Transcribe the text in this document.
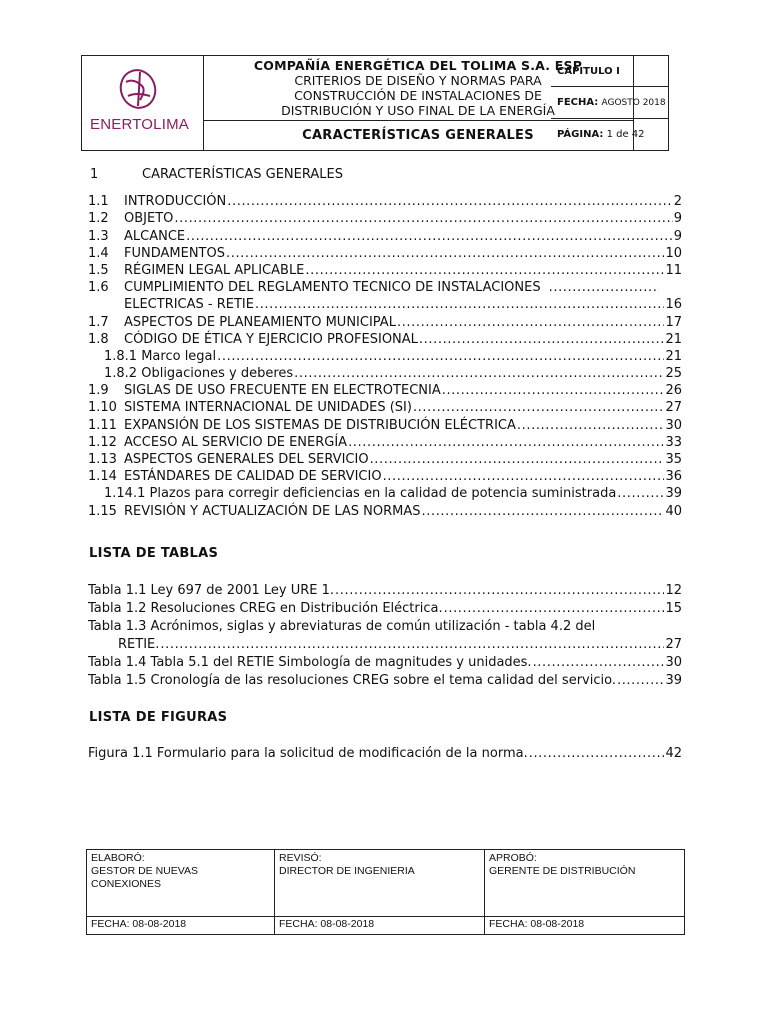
ENERTOLIMA
COMPAÑÍA ENERGÉTICA DEL TOLIMA S.A. ESP
CRITERIOS DE DISEÑO Y NORMAS PARA
CONSTRUCCIÓN DE INSTALACIONES DE
DISTRIBUCIÓN Y USO FINAL DE LA ENERGÍA
CARACTERÍSTICAS GENERALES
CAPITULO I
FECHA: AGOSTO 2018
PÁGINA: 1 de 42
1	CARACTERÍSTICAS GENERALES
1.1 INTRODUCCIÓN .....	2
1.2 OBJETO .....	9
1.3 ALCANCE .....	9
1.4 FUNDAMENTOS .....	10
1.5 RÉGIMEN LEGAL APLICABLE .....	11
1.6 CUMPLIMIENTO DEL REGLAMENTO TECNICO DE INSTALACIONES
.....
ELECTRICAS - RETIE .....	16
1.7 ASPECTOS DE PLANEAMIENTO MUNICIPAL .....	17
1.8 CÓDIGO DE ÉTICA Y EJERCICIO PROFESIONAL .....	21
1.8.1 Marco legal .....	21
1.8.2 Obligaciones y deberes .....	25
1.9 SIGLAS DE USO FRECUENTE EN ELECTROTECNIA .....	26
1.10 SISTEMA INTERNACIONAL DE UNIDADES (SI) .....	27
1.11 EXPANSIÓN DE LOS SISTEMAS DE DISTRIBUCIÓN ELÉCTRICA .....	30
1.12 ACCESO AL SERVICIO DE ENERGÍA .....	33
1.13 ASPECTOS GENERALES DEL SERVICIO .....	35
1.14 ESTÁNDARES DE CALIDAD DE SERVICIO .....	36
1.14.1 Plazos para corregir deficiencias en la calidad de potencia suministrada .....	39
1.15 REVISIÓN Y ACTUALIZACIÓN DE LAS NORMAS .....	40
LISTA DE TABLAS
Tabla 1.1 Ley 697 de 2001 Ley URE 1. .....	12
Tabla 1.2 Resoluciones CREG en Distribución Eléctrica. .....	15
Tabla 1.3 Acrónimos, siglas y abreviaturas de común utilización - tabla 4.2 del
RETIE. .....	27
Tabla 1.4 Tabla 5.1 del RETIE Simbología de magnitudes y unidades. .....	30
Tabla 1.5 Cronología de las resoluciones CREG sobre el tema calidad del servicio. .....	39
LISTA DE FIGURAS
Figura 1.1 Formulario para la solicitud de modificación de la norma. .....	42
ELABORÓ:
GESTOR DE NUEVAS
CONEXIONES
FECHA: 08-08-2018
REVISÓ:
DIRECTOR DE INGENIERIA
FECHA: 08-08-2018
APROBÓ:
GERENTE DE DISTRIBUCIÓN
FECHA: 08-08-2018
